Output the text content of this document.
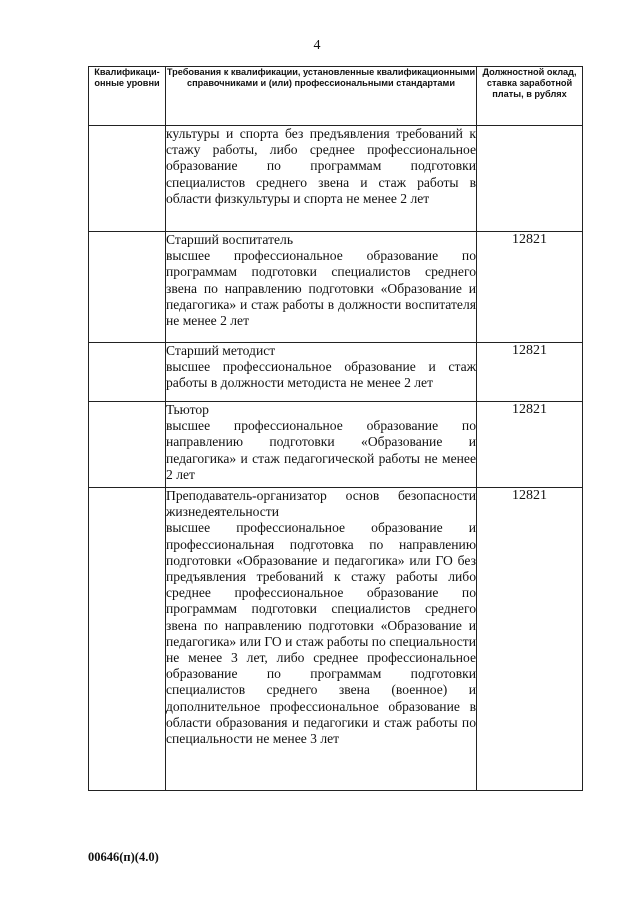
4
Квалификаци-онные уровни	Требования к квалификации, установленные квалификационными справочниками и (или) профессиональными стандартами	Должностной оклад, ставка заработной платы, в рублях

	культуры и спорта без предъявления требований к стажу работы, либо среднее профессиональное образование по программам подготовки специалистов среднего звена и стаж работы в области физкультуры и спорта не менее 2 лет	

	Старший воспитатель
высшее профессиональное образование по программам подготовки специалистов среднего звена по направлению подготовки «Образование и педагогика» и стаж работы в должности воспитателя не менее 2 лет	12821

	Старший методист
высшее профессиональное образование и стаж работы в должности методиста не менее 2 лет	12821

	Тьютор
высшее профессиональное образование по направлению подготовки «Образование и педагогика» и стаж педагогической работы не менее 2 лет	12821

	Преподаватель-организатор основ безопасности жизнедеятельности
высшее профессиональное образование и профессиональная подготовка по направлению подготовки «Образование и педагогика» или ГО без предъявления требований к стажу работы либо среднее профессиональное образование по программам подготовки специалистов среднего звена по направлению подготовки «Образование и педагогика» или ГО и стаж работы по специальности не менее 3 лет, либо среднее профессиональное образование по программам подготовки специалистов среднего звена (военное) и дополнительное профессиональное образование в области образования и педагогики и стаж работы по специальности не менее 3 лет	12821
00646(п)(4.0)
